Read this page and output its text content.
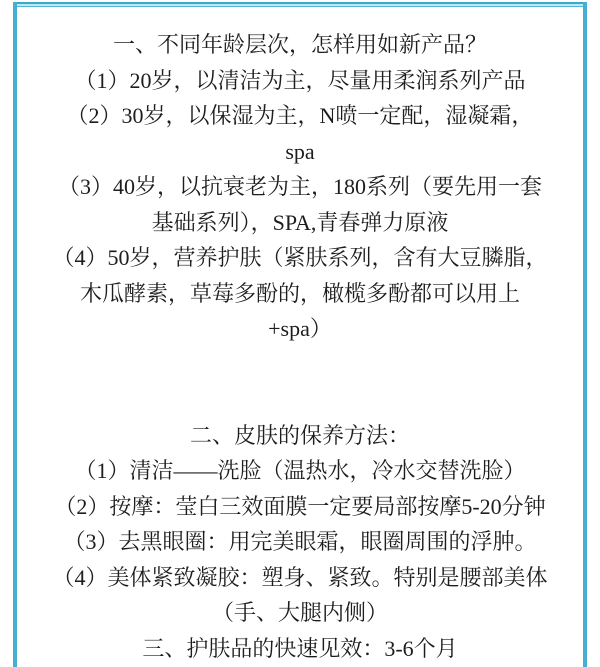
一、不同年龄层次，怎样用如新产品？
（1）20岁，以清洁为主，尽量用柔润系列产品
（2）30岁，以保湿为主，N喷一定配，湿凝霜，
spa
（3）40岁，以抗衰老为主，180系列（要先用一套
基础系列），SPA,青春弹力原液
（4）50岁，营养护肤（紧肤系列，含有大豆膦脂，
木瓜酵素，草莓多酚的，橄榄多酚都可以用上
+spa）
二、皮肤的保养方法：
（1）清洁——洗脸（温热水，冷水交替洗脸）
（2）按摩：莹白三效面膜一定要局部按摩5-20分钟
（3）去黑眼圈：用完美眼霜，眼圈周围的浮肿。
（4）美体紧致凝胶：塑身、紧致。特别是腰部美体
（手、大腿内侧）
三、护肤品的快速见效：3-6个月
